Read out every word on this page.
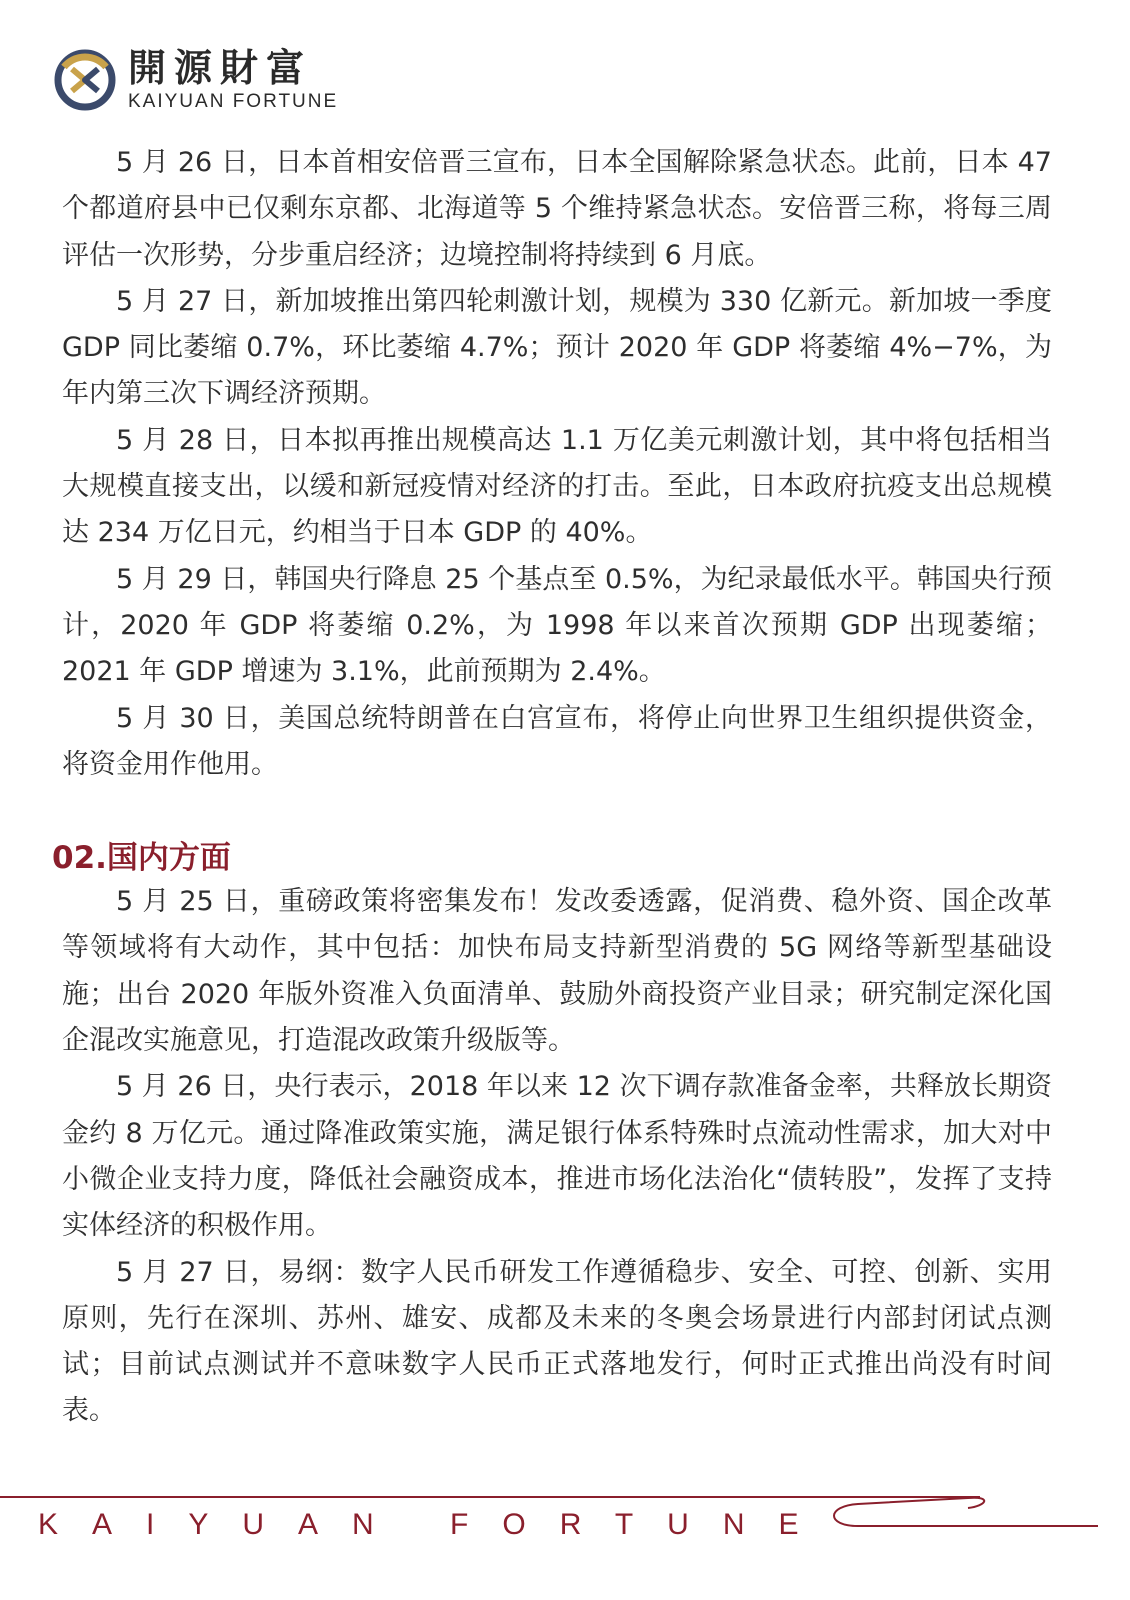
開源財富
KAIYUAN FORTUNE

5 月 26 日，日本首相安倍晋三宣布，日本全国解除紧急状态。此前，日本 47 个都道府县中已仅剩东京都、北海道等 5 个维持紧急状态。安倍晋三称，将每三周评估一次形势，分步重启经济；边境控制将持续到 6 月底。

5 月 27 日，新加坡推出第四轮刺激计划，规模为 330 亿新元。新加坡一季度 GDP 同比萎缩 0.7%，环比萎缩 4.7%；预计 2020 年 GDP 将萎缩 4%−7%，为年内第三次下调经济预期。

5 月 28 日，日本拟再推出规模高达 1.1 万亿美元刺激计划，其中将包括相当大规模直接支出，以缓和新冠疫情对经济的打击。至此，日本政府抗疫支出总规模达 234 万亿日元，约相当于日本 GDP 的 40%。

5 月 29 日，韩国央行降息 25 个基点至 0.5%，为纪录最低水平。韩国央行预计，2020 年 GDP 将萎缩 0.2%，为 1998 年以来首次预期 GDP 出现萎缩；2021 年 GDP 增速为 3.1%，此前预期为 2.4%。

5 月 30 日，美国总统特朗普在白宫宣布，将停止向世界卫生组织提供资金，将资金用作他用。

02.国内方面

5 月 25 日，重磅政策将密集发布！发改委透露，促消费、稳外资、国企改革等领域将有大动作，其中包括：加快布局支持新型消费的 5G 网络等新型基础设施；出台 2020 年版外资准入负面清单、鼓励外商投资产业目录；研究制定深化国企混改实施意见，打造混改政策升级版等。

5 月 26 日，央行表示，2018 年以来 12 次下调存款准备金率，共释放长期资金约 8 万亿元。通过降准政策实施，满足银行体系特殊时点流动性需求，加大对中小微企业支持力度，降低社会融资成本，推进市场化法治化“债转股”，发挥了支持实体经济的积极作用。

5 月 27 日，易纲：数字人民币研发工作遵循稳步、安全、可控、创新、实用原则，先行在深圳、苏州、雄安、成都及未来的冬奥会场景进行内部封闭试点测试；目前试点测试并不意味数字人民币正式落地发行，何时正式推出尚没有时间表。

KAIYUAN FORTUNE
